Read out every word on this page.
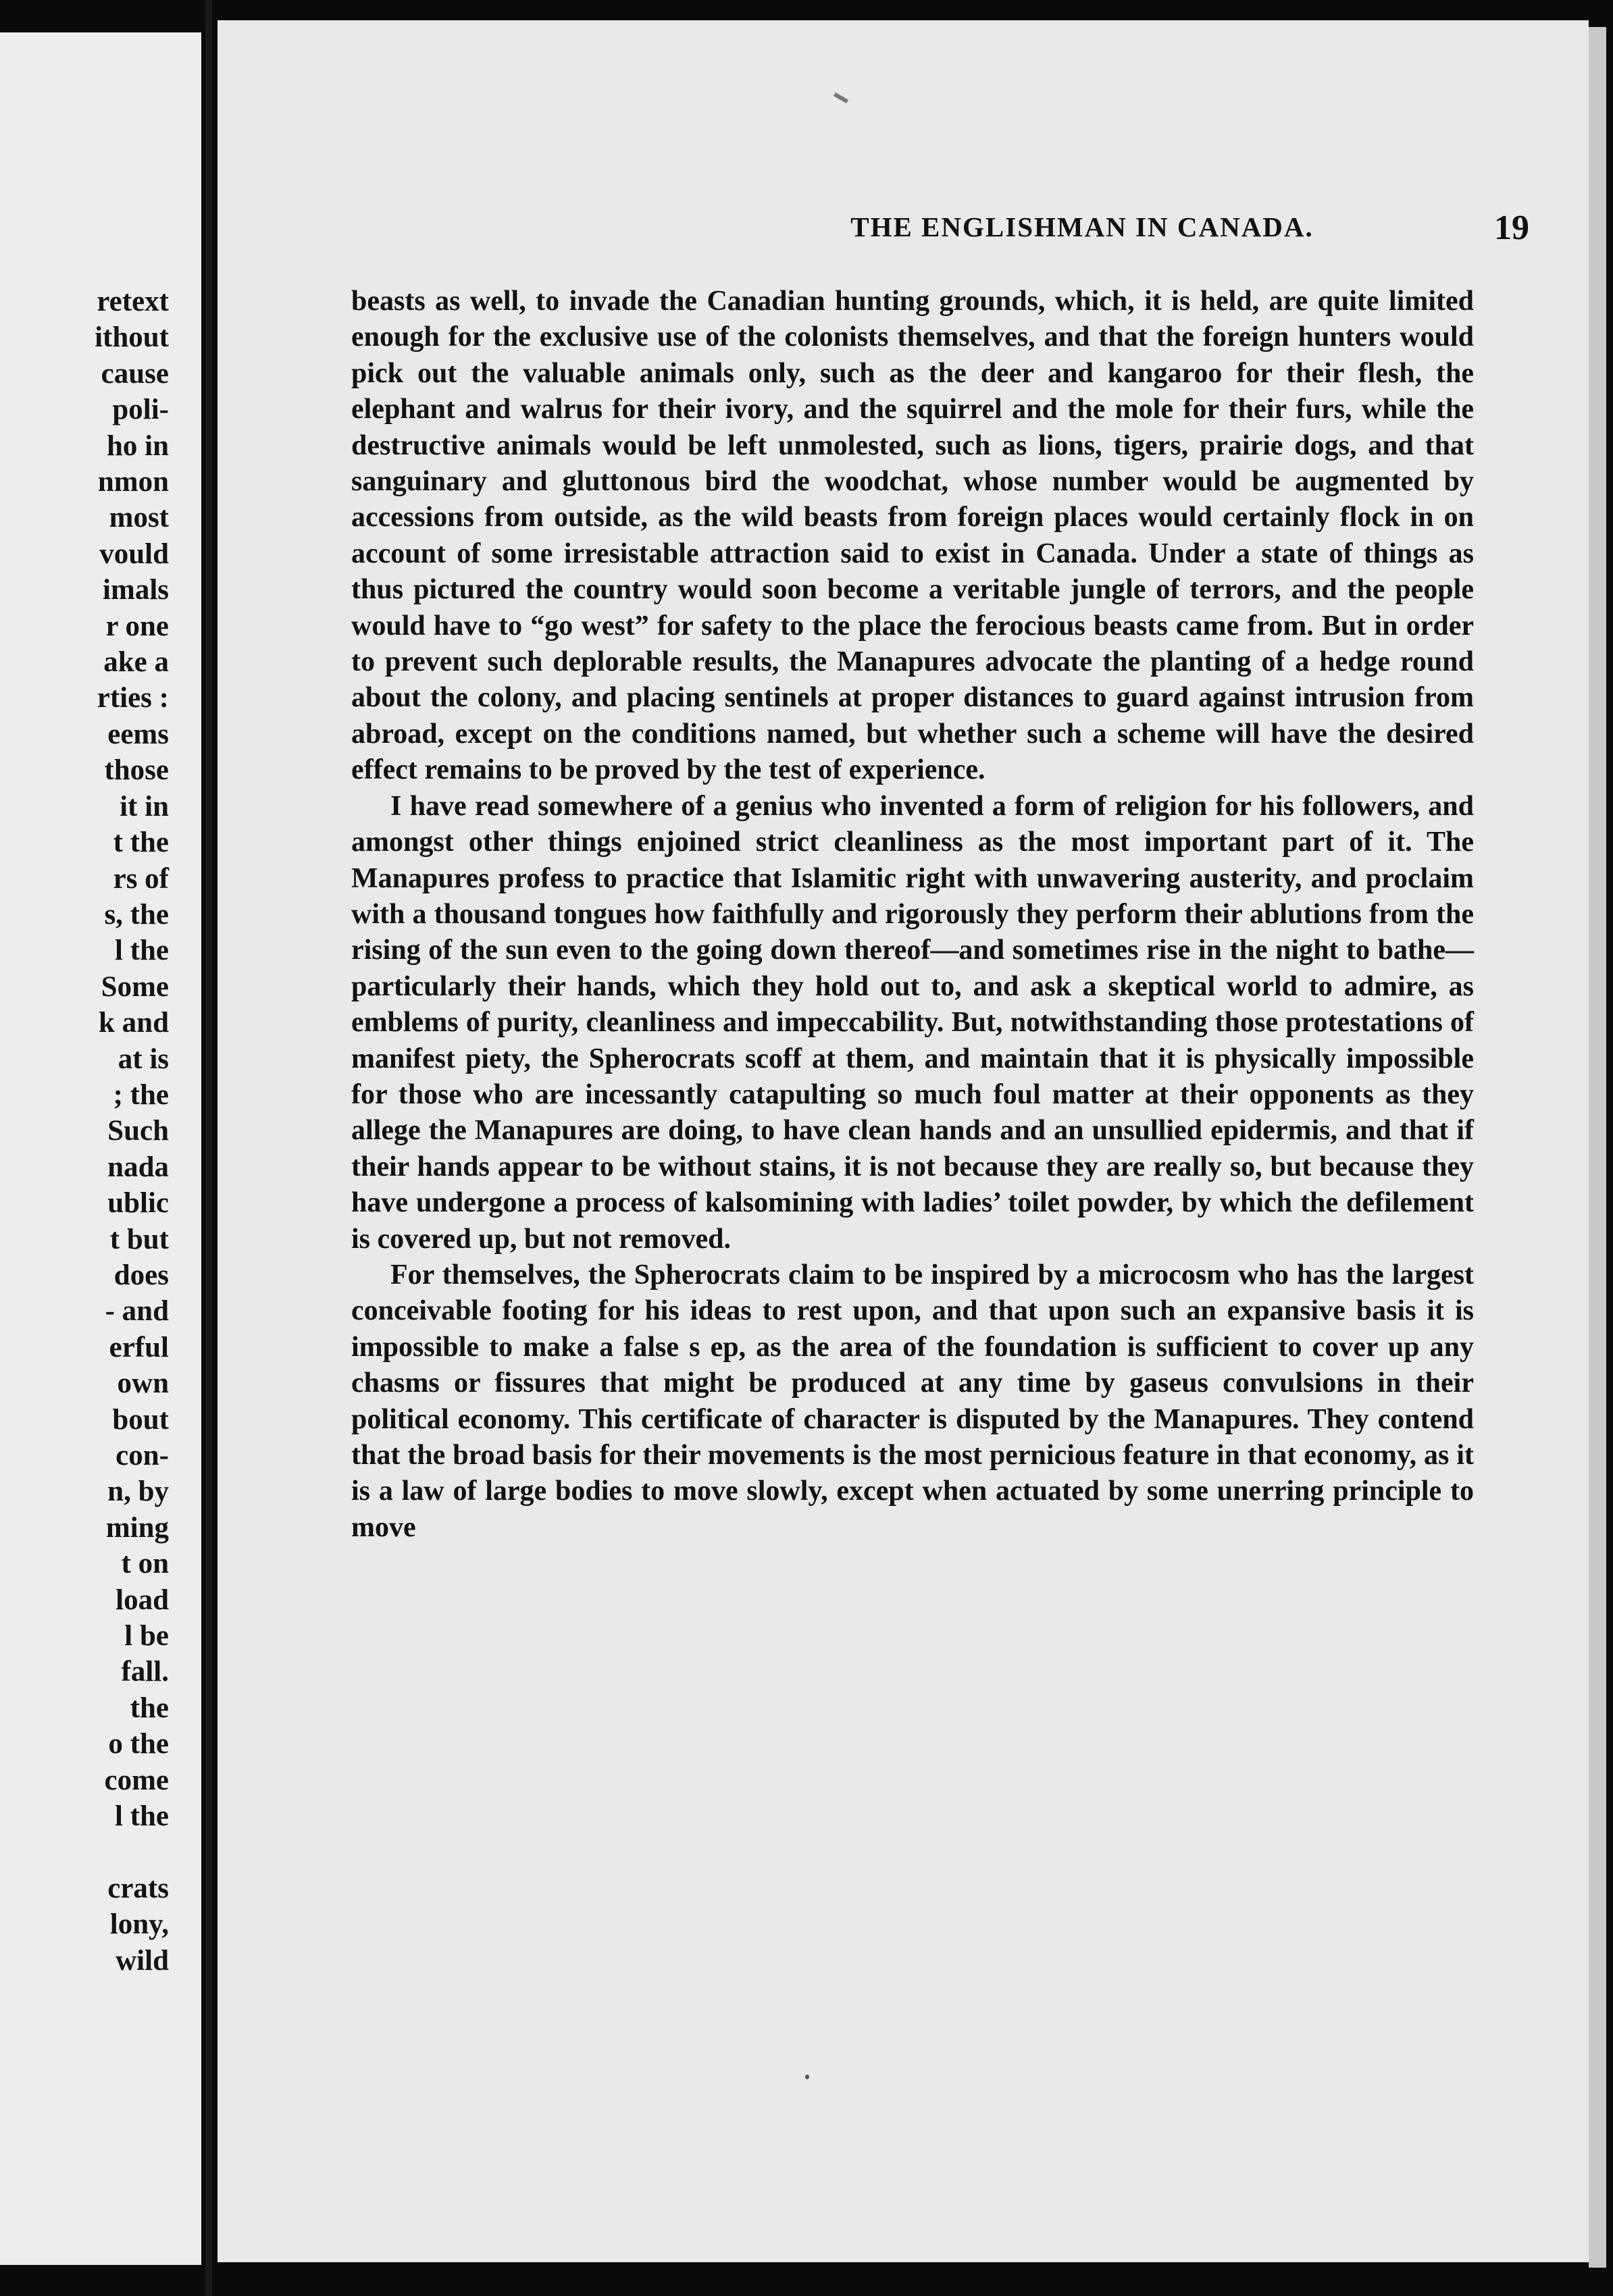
retext
ithout
cause
poli-
ho in
nmon
most
vould
imals
r one
ake a
rties :
eems
those
it in
t the
rs of
s, the
l the
Some
k and
at is
; the
Such
nada
ublic
t but
does
- and
erful
own
bout
con-
n, by
ming
t on
load
l be
fall.
the
o the
come
l the

crats
lony,
wild
THE ENGLISHMAN IN CANADA.	19

beasts as well, to invade the Canadian hunting grounds, which, it is held, are quite limited enough for the exclusive use of the colonists themselves, and that the foreign hunters would pick out the valuable animals only, such as the deer and kangaroo for their flesh, the elephant and walrus for their ivory, and the squirrel and the mole for their furs, while the destructive animals would be left unmolested, such as lions, tigers, prairie dogs, and that sanguinary and gluttonous bird the woodchat, whose number would be augmented by accessions from outside, as the wild beasts from foreign places would certainly flock in on account of some irresistable attraction said to exist in Canada. Under a state of things as thus pictured the country would soon become a veritable jungle of terrors, and the people would have to “go west” for safety to the place the ferocious beasts came from. But in order to prevent such deplorable results, the Manapures advocate the planting of a hedge round about the colony, and placing sentinels at proper distances to guard against intrusion from abroad, except on the conditions named, but whether such a scheme will have the desired effect remains to be proved by the test of experience.

I have read somewhere of a genius who invented a form of religion for his followers, and amongst other things enjoined strict cleanliness as the most important part of it. The Manapures profess to practice that Islamitic right with unwavering austerity, and proclaim with a thousand tongues how faithfully and rigorously they perform their ablutions from the rising of the sun even to the going down thereof—and sometimes rise in the night to bathe—particularly their hands, which they hold out to, and ask a skeptical world to admire, as emblems of purity, cleanliness and impeccability. But, notwithstanding those protestations of manifest piety, the Spherocrats scoff at them, and maintain that it is physically impossible for those who are incessantly catapulting so much foul matter at their opponents as they allege the Manapures are doing, to have clean hands and an unsullied epidermis, and that if their hands appear to be without stains, it is not because they are really so, but because they have undergone a process of kalsomining with ladies’ toilet powder, by which the defilement is covered up, but not removed.

For themselves, the Spherocrats claim to be inspired by a microcosm who has the largest conceivable footing for his ideas to rest upon, and that upon such an expansive basis it is impossible to make a false s ep, as the area of the foundation is sufficient to cover up any chasms or fissures that might be produced at any time by gaseus convulsions in their political economy. This certificate of character is disputed by the Manapures. They contend that the broad basis for their movements is the most pernicious feature in that economy, as it is a law of large bodies to move slowly, except when actuated by some unerring principle to move
